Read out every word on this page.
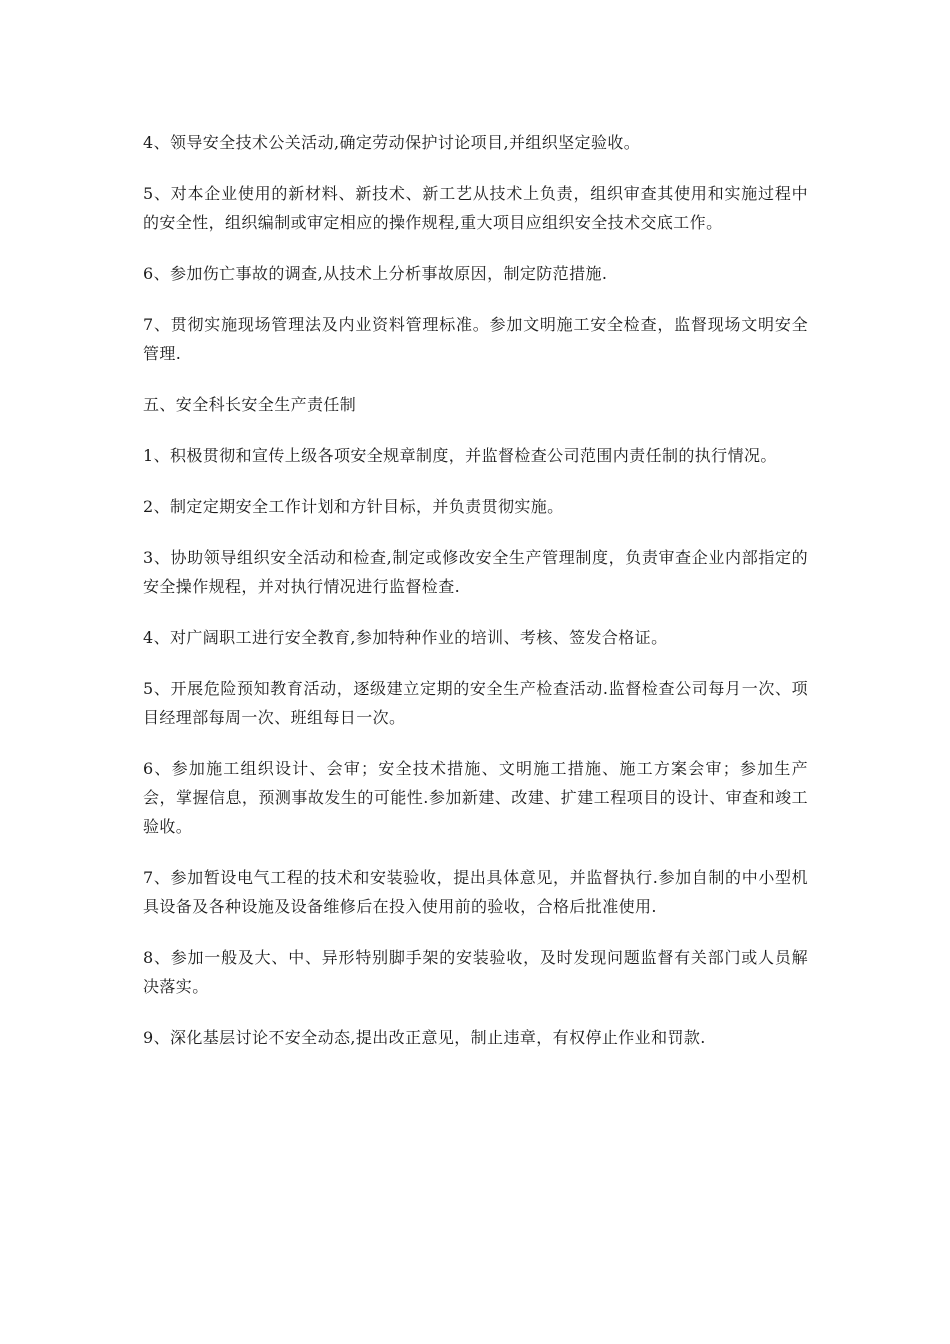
4、领导安全技术公关活动,确定劳动保护讨论项目,并组织坚定验收。

5、对本企业使用的新材料、新技术、新工艺从技术上负责，组织审查其使用和实施过程中的安全性，组织编制或审定相应的操作规程,重大项目应组织安全技术交底工作。

6、参加伤亡事故的调查,从技术上分析事故原因，制定防范措施.

7、贯彻实施现场管理法及内业资料管理标准。参加文明施工安全检查，监督现场文明安全管理.

五、安全科长安全生产责任制

1、积极贯彻和宣传上级各项安全规章制度，并监督检查公司范围内责任制的执行情况。

2、制定定期安全工作计划和方针目标，并负责贯彻实施。

3、协助领导组织安全活动和检查,制定或修改安全生产管理制度，负责审查企业内部指定的安全操作规程，并对执行情况进行监督检查.

4、对广阔职工进行安全教育,参加特种作业的培训、考核、签发合格证。

5、开展危险预知教育活动，逐级建立定期的安全生产检查活动.监督检查公司每月一次、项目经理部每周一次、班组每日一次。

6、参加施工组织设计、会审；安全技术措施、文明施工措施、施工方案会审；参加生产会，掌握信息，预测事故发生的可能性.参加新建、改建、扩建工程项目的设计、审查和竣工验收。

7、参加暂设电气工程的技术和安装验收，提出具体意见，并监督执行.参加自制的中小型机具设备及各种设施及设备维修后在投入使用前的验收，合格后批准使用.

8、参加一般及大、中、异形特别脚手架的安装验收，及时发现问题监督有关部门或人员解决落实。

9、深化基层讨论不安全动态,提出改正意见，制止违章，有权停止作业和罚款.
